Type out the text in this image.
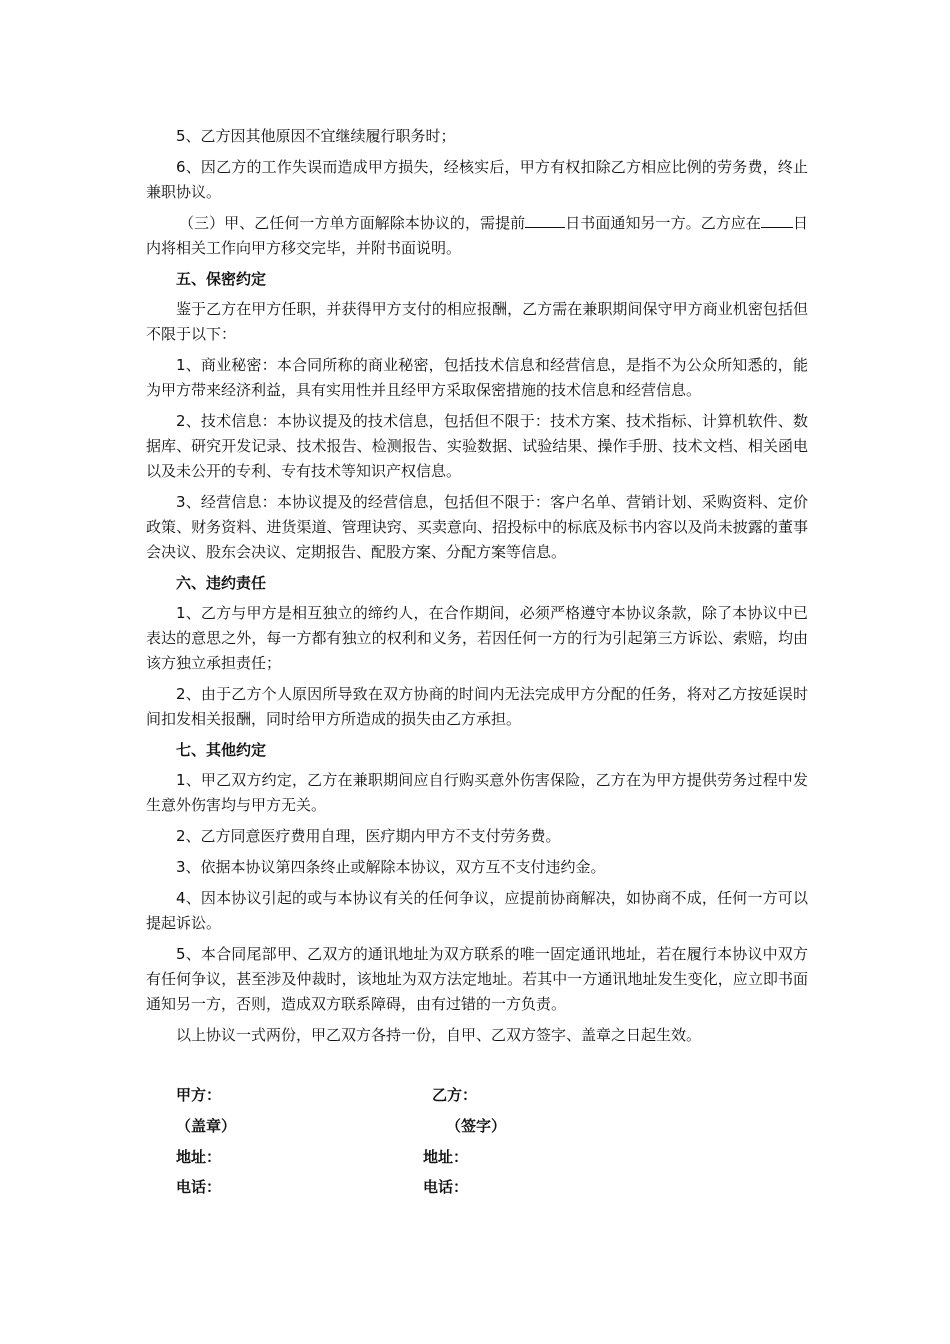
5、乙方因其他原因不宜继续履行职务时；

6、因乙方的工作失误而造成甲方损失，经核实后，甲方有权扣除乙方相应比例的劳务费，终止兼职协议。

（三）甲、乙任何一方单方面解除本协议的，需提前	日书面通知另一方。乙方应在 日内将相关工作向甲方移交完毕，并附书面说明。

五、保密约定

鉴于乙方在甲方任职，并获得甲方支付的相应报酬，乙方需在兼职期间保守甲方商业机密包括但不限于以下：

1、商业秘密：本合同所称的商业秘密，包括技术信息和经营信息，是指不为公众所知悉的，能为甲方带来经济利益，具有实用性并且经甲方采取保密措施的技术信息和经营信息。

2、技术信息：本协议提及的技术信息，包括但不限于：技术方案、技术指标、计算机软件、数据库、研究开发记录、技术报告、检测报告、实验数据、试验结果、操作手册、技术文档、相关函电以及未公开的专利、专有技术等知识产权信息。

3、经营信息：本协议提及的经营信息，包括但不限于：客户名单、营销计划、采购资料、定价政策、财务资料、进货渠道、管理诀窍、买卖意向、招投标中的标底及标书内容以及尚未披露的董事会决议、股东会决议、定期报告、配股方案、分配方案等信息。

六、违约责任

1、乙方与甲方是相互独立的缔约人，在合作期间，必须严格遵守本协议条款，除了本协议中已表达的意思之外，每一方都有独立的权利和义务，若因任何一方的行为引起第三方诉讼、索赔，均由该方独立承担责任；

2、由于乙方个人原因所导致在双方协商的时间内无法完成甲方分配的任务，将对乙方按延误时间扣发相关报酬，同时给甲方所造成的损失由乙方承担。

七、其他约定

1、甲乙双方约定，乙方在兼职期间应自行购买意外伤害保险，乙方在为甲方提供劳务过程中发生意外伤害均与甲方无关。

2、乙方同意医疗费用自理，医疗期内甲方不支付劳务费。

3、依据本协议第四条终止或解除本协议，双方互不支付违约金。

4、因本协议引起的或与本协议有关的任何争议，应提前协商解决，如协商不成，任何一方可以提起诉讼。

5、本合同尾部甲、乙双方的通讯地址为双方联系的唯一固定通讯地址，若在履行本协议中双方有任何争议，甚至涉及仲裁时，该地址为双方法定地址。若其中一方通讯地址发生变化，应立即书面通知另一方，否则，造成双方联系障碍，由有过错的一方负责。

以上协议一式两份，甲乙双方各持一份，自甲、乙双方签字、盖章之日起生效。

甲方：	乙方：
（盖章）	（签字）
地址：	地址：
电话：	电话：
